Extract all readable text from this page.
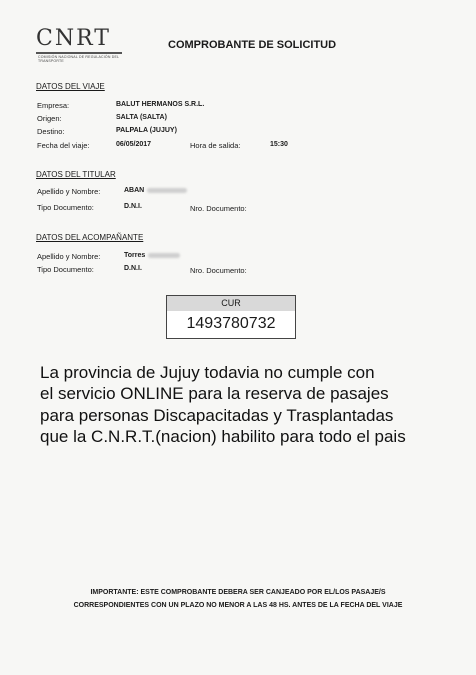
CNRT
COMISIÓN NACIONAL DE REGULACIÓN DEL TRANSPORTE
COMPROBANTE DE SOLICITUD
DATOS DEL VIAJE
Empresa:	BALUT HERMANOS S.R.L.
Origen:	SALTA (SALTA)
Destino:	PALPALA (JUJUY)
Fecha del viaje:	06/05/2017	Hora de salida:	15:30
DATOS DEL TITULAR
Apellido y Nombre:	ABAN
Tipo Documento:	D.N.I.	Nro. Documento:
DATOS DEL ACOMPAÑANTE
Apellido y Nombre:	Torres
Tipo Documento:	D.N.I.	Nro. Documento:
CUR
1493780732
La provincia de Jujuy todavia no cumple con
el servicio ONLINE para la reserva de pasajes
para personas Discapacitadas y Trasplantadas
que la C.N.R.T.(nacion) habilito para todo el pais
IMPORTANTE: ESTE COMPROBANTE DEBERA SER CANJEADO POR EL/LOS PASAJE/S
CORRESPONDIENTES CON UN PLAZO NO MENOR A LAS 48 HS. ANTES DE LA FECHA DEL VIAJE
